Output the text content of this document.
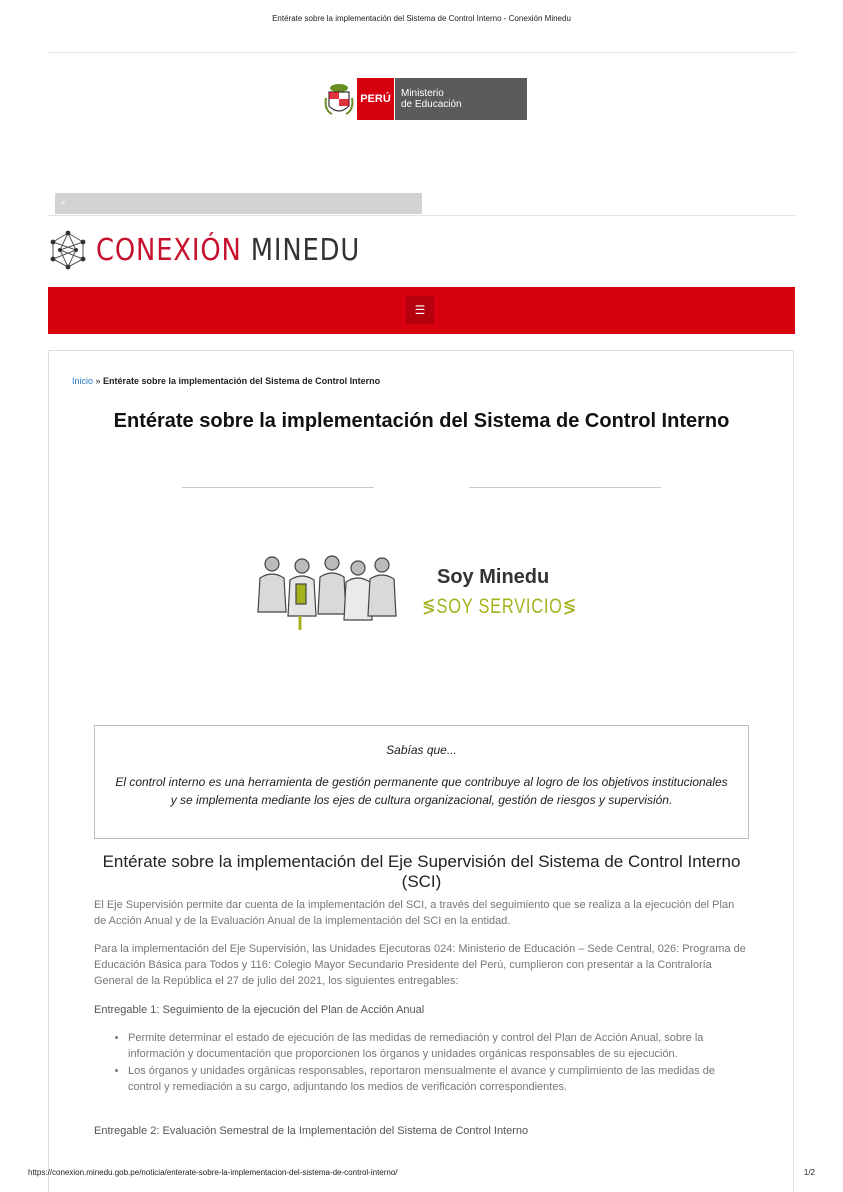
Entérate sobre la implementación del Sistema de Control Interno - Conexión Minedu
PERÚ	Ministerio
de Educación
⌕
CONEXIÓN MINEDU
☰
Inicio » Entérate sobre la implementación del Sistema de Control Interno
Entérate sobre la implementación del Sistema de Control Interno
Soy Minedu
≶SOY SERVICIO≶
Sabías que...
El control interno es una herramienta de gestión permanente que contribuye al logro de los objetivos institucionales y se implementa mediante los ejes de cultura organizacional, gestión de riesgos y supervisión.
Entérate sobre la implementación del Eje Supervisión del Sistema de Control Interno (SCI)

El Eje Supervisión permite dar cuenta de la implementación del SCI, a través del seguimiento que se realiza a la ejecución del Plan de Acción Anual y de la Evaluación Anual de la implementación del SCI en la entidad.

Para la implementación del Eje Supervisión, las Unidades Ejecutoras 024: Ministerio de Educación – Sede Central, 026: Programa de Educación Básica para Todos y 116: Colegio Mayor Secundario Presidente del Perú, cumplieron con presentar a la Contraloría General de la República el 27 de julio del 2021, los siguientes entregables:

Entregable 1: Seguimiento de la ejecución del Plan de Acción Anual

• Permite determinar el estado de ejecución de las medidas de remediación y control del Plan de Acción Anual, sobre la información y documentación que proporcionen los órganos y unidades orgánicas responsables de su ejecución.
• Los órganos y unidades orgánicas responsables, reportaron mensualmente el avance y cumplimiento de las medidas de control y remediación a su cargo, adjuntando los medios de verificación correspondientes.

Entregable 2: Evaluación Semestral de la Implementación del Sistema de Control Interno

https://conexion.minedu.gob.pe/noticia/enterate-sobre-la-implementacion-del-sistema-de-control-interno/	1/2
